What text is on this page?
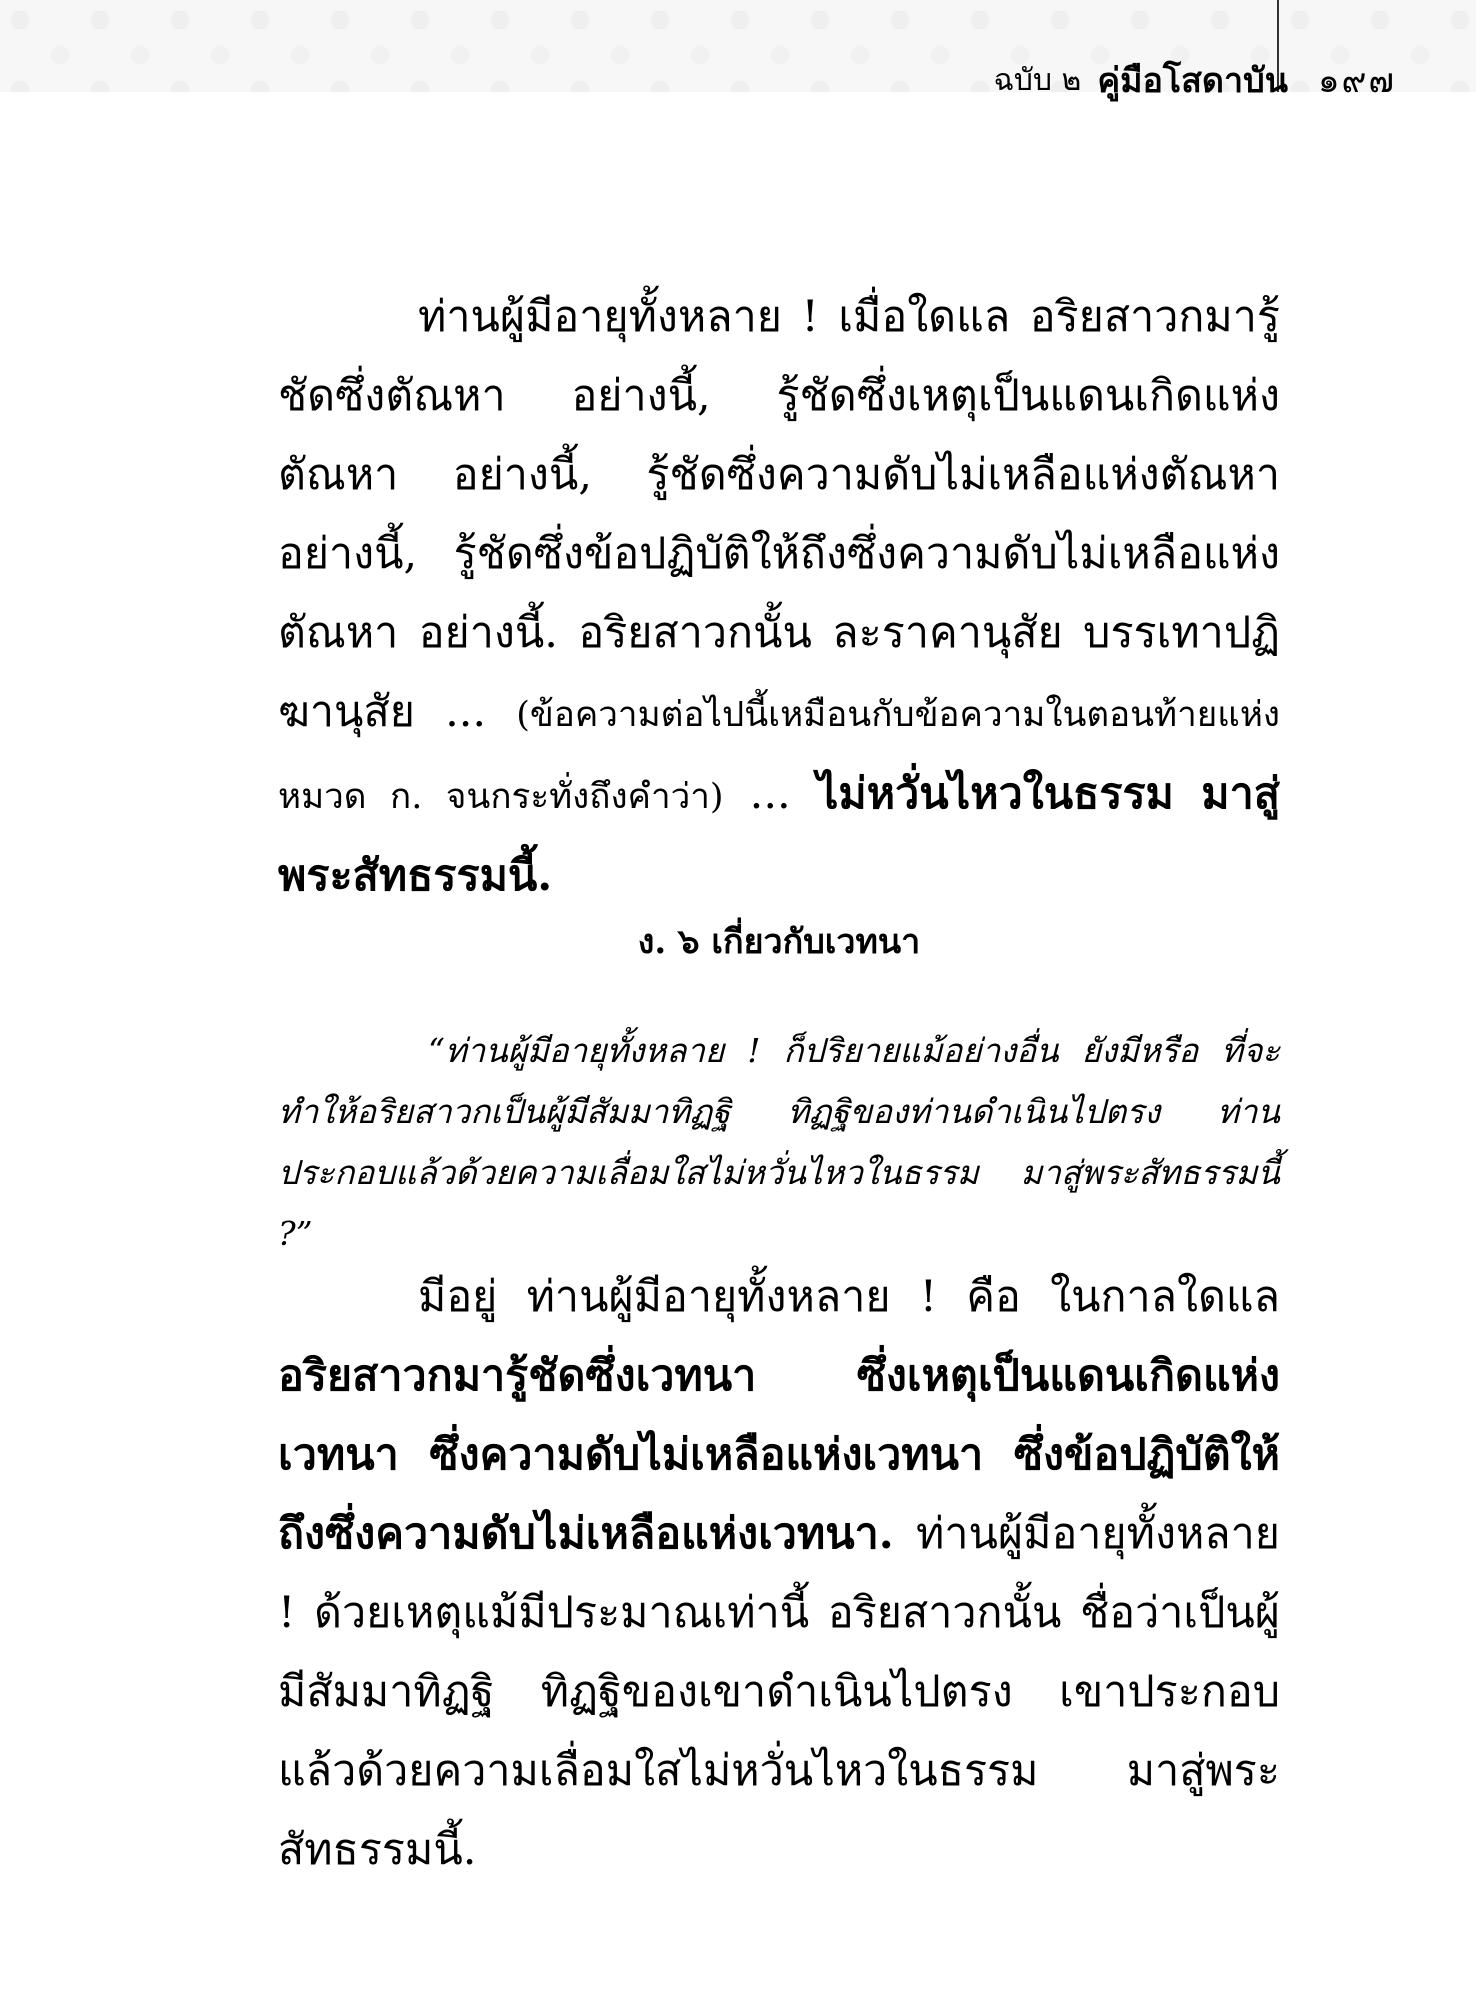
ฉบับ ๒ คู่มือโสดาบัน ๑๙๗
ท่านผู้มีอายุทั้งหลาย ! เมื่อใดแล อริยสาวกมารู้ชัดซึ่งตัณหา อย่างนี้, รู้ชัดซึ่งเหตุเป็นแดนเกิดแห่งตัณหา อย่างนี้, รู้ชัดซึ่งความดับไม่เหลือแห่งตัณหา อย่างนี้, รู้ชัดซึ่งข้อปฏิบัติให้ถึงซึ่งความดับไม่เหลือแห่งตัณหา อย่างนี้. อริยสาวกนั้น ละราคานุสัย บรรเทาปฏิฆานุสัย ... (ข้อความต่อไปนี้เหมือนกับข้อความในตอนท้ายแห่งหมวด ก. จนกระทั่งถึงคำว่า) ... ไม่หวั่นไหวในธรรม มาสู่พระสัทธรรมนี้.
ง. ๖ เกี่ยวกับเวทนา
“ท่านผู้มีอายุทั้งหลาย ! ก็ปริยายแม้อย่างอื่น ยังมีหรือ ที่จะทำให้อริยสาวกเป็นผู้มีสัมมาทิฏฐิ ทิฏฐิของท่านดำเนินไปตรง ท่านประกอบแล้วด้วยความเลื่อมใสไม่หวั่นไหวในธรรม มาสู่พระสัทธรรมนี้ ?”
มีอยู่ ท่านผู้มีอายุทั้งหลาย ! คือ ในกาลใดแล อริยสาวกมารู้ชัดซึ่งเวทนา ซึ่งเหตุเป็นแดนเกิดแห่งเวทนา ซึ่งความดับไม่เหลือแห่งเวทนา ซึ่งข้อปฏิบัติให้ถึงซึ่งความดับไม่เหลือแห่งเวทนา. ท่านผู้มีอายุทั้งหลาย ! ด้วยเหตุแม้มีประมาณเท่านี้ อริยสาวกนั้น ชื่อว่าเป็นผู้มีสัมมาทิฏฐิ ทิฏฐิของเขาดำเนินไปตรง เขาประกอบแล้วด้วยความเลื่อมใสไม่หวั่นไหวในธรรม มาสู่พระสัทธรรมนี้.
